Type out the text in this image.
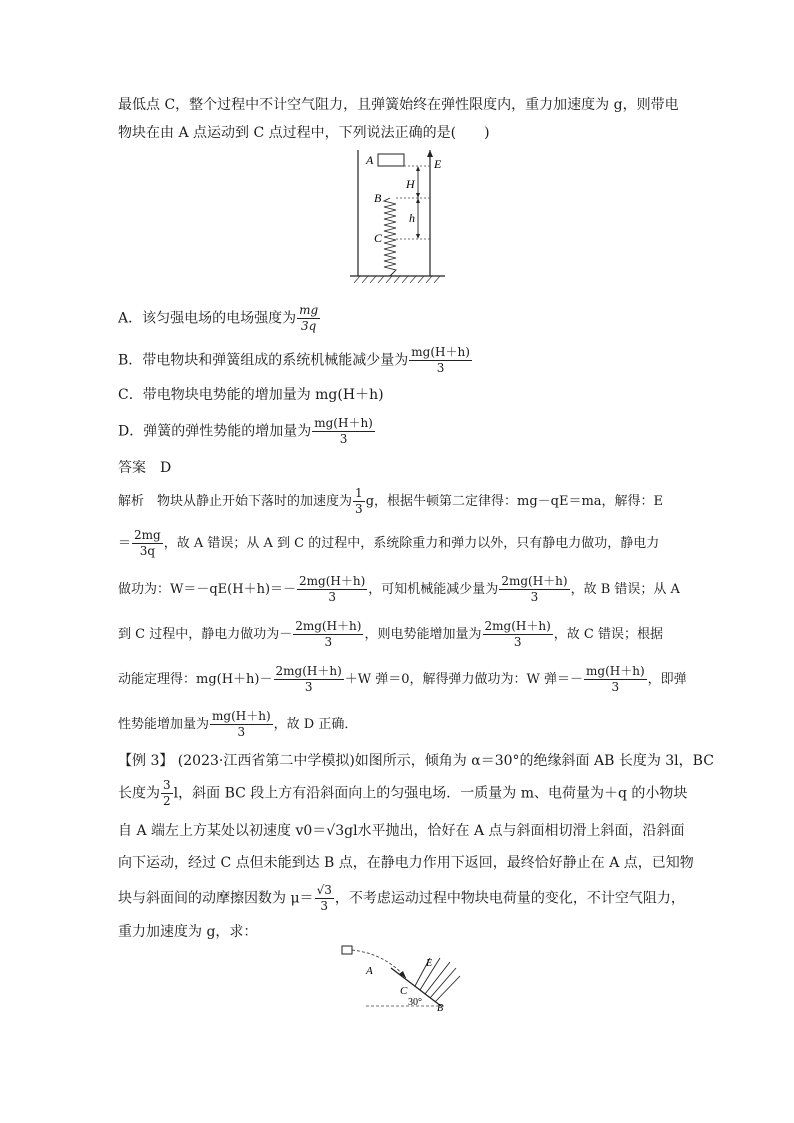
最低点 C，整个过程中不计空气阻力，且弹簧始终在弹性限度内，重力加速度为 g，则带电
物块在由 A 点运动到 C 点过程中，下列说法正确的是(　　)
A	E
B
C
H
h
A．该匀强电场的电场强度为 $\frac{mg}{3q}$
B．带电物块和弹簧组成的系统机械能减少量为 $\frac{mg(H+h)}{3}$
C．带电物块电势能的增加量为 mg(H＋h)
D．弹簧的弹性势能的增加量为 $\frac{mg(H+h)}{3}$
答案　 D
解析　 物块从静止开始下落时的加速度为 $\frac{1}{3}$ g，根据牛顿第二定律得：mg－qE＝ma，解得：E
＝ $\frac{2mg}{3q}$ ，故 A 错误；从 A 到 C 的过程中，系统除重力和弹力以外，只有静电力做功，静电力
做功为：$W=-qE(H+h)=- \frac{2mg(H+h)}{3}$ ，可知机械能减少量为 $\frac{2mg(H+h)}{3}$ ，故 B 错误；从 A
到 C 过程中，静电力做功为－ $\frac{2mg(H+h)}{3}$ ，则电势能增加量为 $\frac{2mg(H+h)}{3}$ ，故 C 错误；根据
动能定理得：$mg(H+h)- \frac{2mg(H+h)}{3} +W$ 弹＝0，解得弹力做功为：W 弹＝－ $\frac{mg(H+h)}{3}$ ，即弹
性势能增加量为 $\frac{mg(H+h)}{3}$ ，故 D 正确．
【例 3】 (2023·江西省第二中学模拟)如图所示，倾角为 α＝30°的绝缘斜面 AB 长度为 3l，BC
长度为 $\frac{3}{2}$ l，斜面 BC 段上方有沿斜面向上的匀强电场．一质量为 m、电荷量为＋q 的小物块
自 A 端左上方某处以初速度 v0＝√3gl水平抛出，恰好在 A 点与斜面相切滑上斜面，沿斜面
向下运动，经过 C 点但未能到达 B 点，在静电力作用下返回，最终恰好静止在 A 点，已知物
块与斜面间的动摩擦因数为 $\mu= \frac{√3}{3}$ ，不考虑运动过程中物块电荷量的变化，不计空气阻力，
重力加速度为 g，求：
A
C
E
B
30°
